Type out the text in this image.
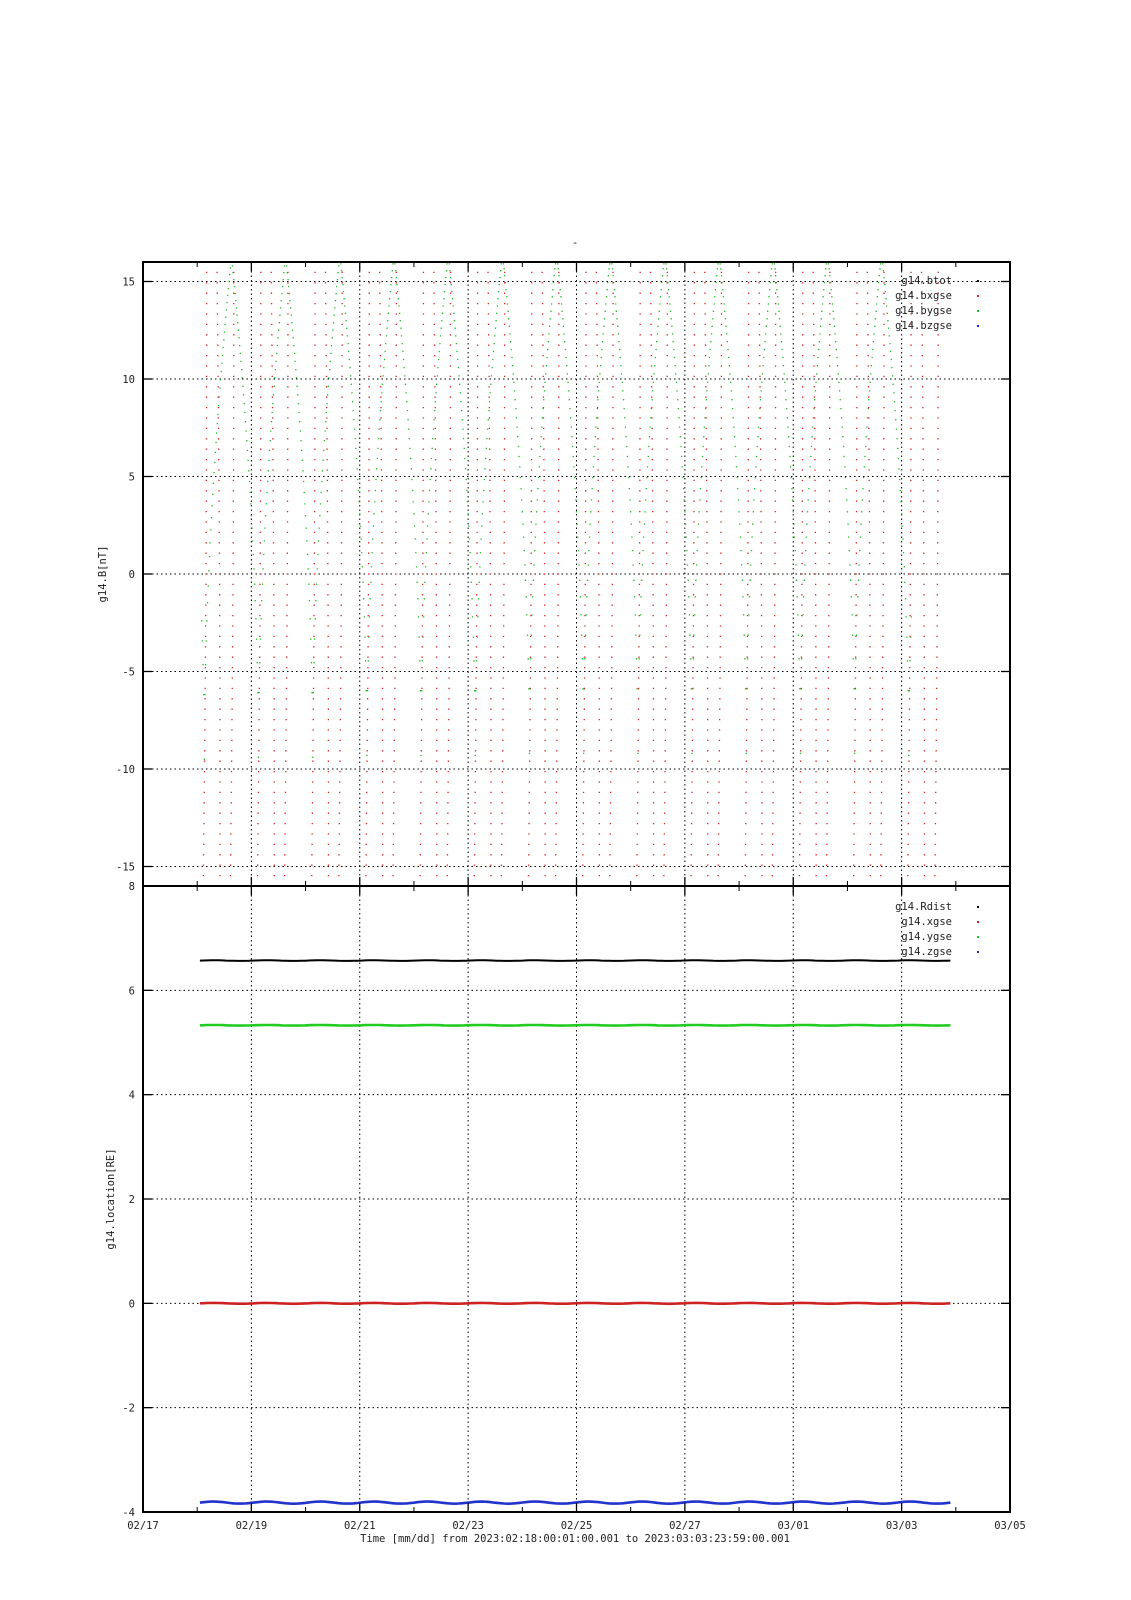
-
-15
-10
-5
0
5
10
15
g14.B[nT]
g14.btot
g14.bxgse
g14.bygse
g14.bzgse
-4
-2
0
2
4
6
8
g14.location[RE]
g14.Rdist
g14.xgse
g14.ygse
g14.zgse
02/17	02/19	02/21	02/23	02/25	02/27	03/01	03/03	03/05
Time [mm/dd] from 2023:02:18:00:01:00.001 to 2023:03:03:23:59:00.001
